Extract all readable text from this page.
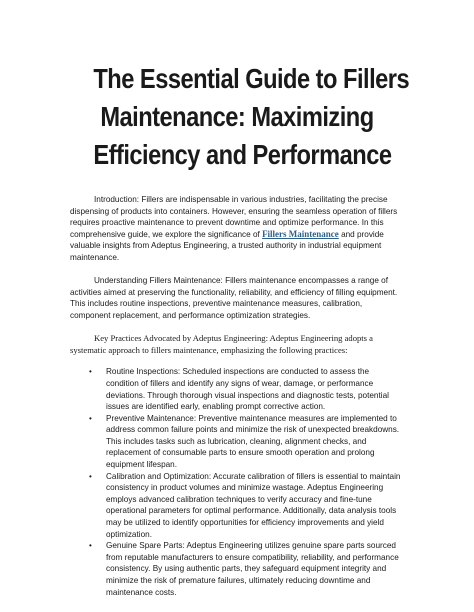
The Essential Guide to Fillers
Maintenance: Maximizing
Efficiency and Performance

Introduction: Fillers are indispensable in various industries, facilitating the precise dispensing of products into containers. However, ensuring the seamless operation of fillers requires proactive maintenance to prevent downtime and optimize performance. In this comprehensive guide, we explore the significance of Fillers Maintenance and provide valuable insights from Adeptus Engineering, a trusted authority in industrial equipment maintenance.

Understanding Fillers Maintenance: Fillers maintenance encompasses a range of activities aimed at preserving the functionality, reliability, and efficiency of filling equipment. This includes routine inspections, preventive maintenance measures, calibration, component replacement, and performance optimization strategies.

Key Practices Advocated by Adeptus Engineering: Adeptus Engineering adopts a systematic approach to fillers maintenance, emphasizing the following practices:

• Routine Inspections: Scheduled inspections are conducted to assess the condition of fillers and identify any signs of wear, damage, or performance deviations. Through thorough visual inspections and diagnostic tests, potential issues are identified early, enabling prompt corrective action.
• Preventive Maintenance: Preventive maintenance measures are implemented to address common failure points and minimize the risk of unexpected breakdowns. This includes tasks such as lubrication, cleaning, alignment checks, and replacement of consumable parts to ensure smooth operation and prolong equipment lifespan.
• Calibration and Optimization: Accurate calibration of fillers is essential to maintain consistency in product volumes and minimize wastage. Adeptus Engineering employs advanced calibration techniques to verify accuracy and fine-tune operational parameters for optimal performance. Additionally, data analysis tools may be utilized to identify opportunities for efficiency improvements and yield optimization.
• Genuine Spare Parts: Adeptus Engineering utilizes genuine spare parts sourced from reputable manufacturers to ensure compatibility, reliability, and performance consistency. By using authentic parts, they safeguard equipment integrity and minimize the risk of premature failures, ultimately reducing downtime and maintenance costs.
